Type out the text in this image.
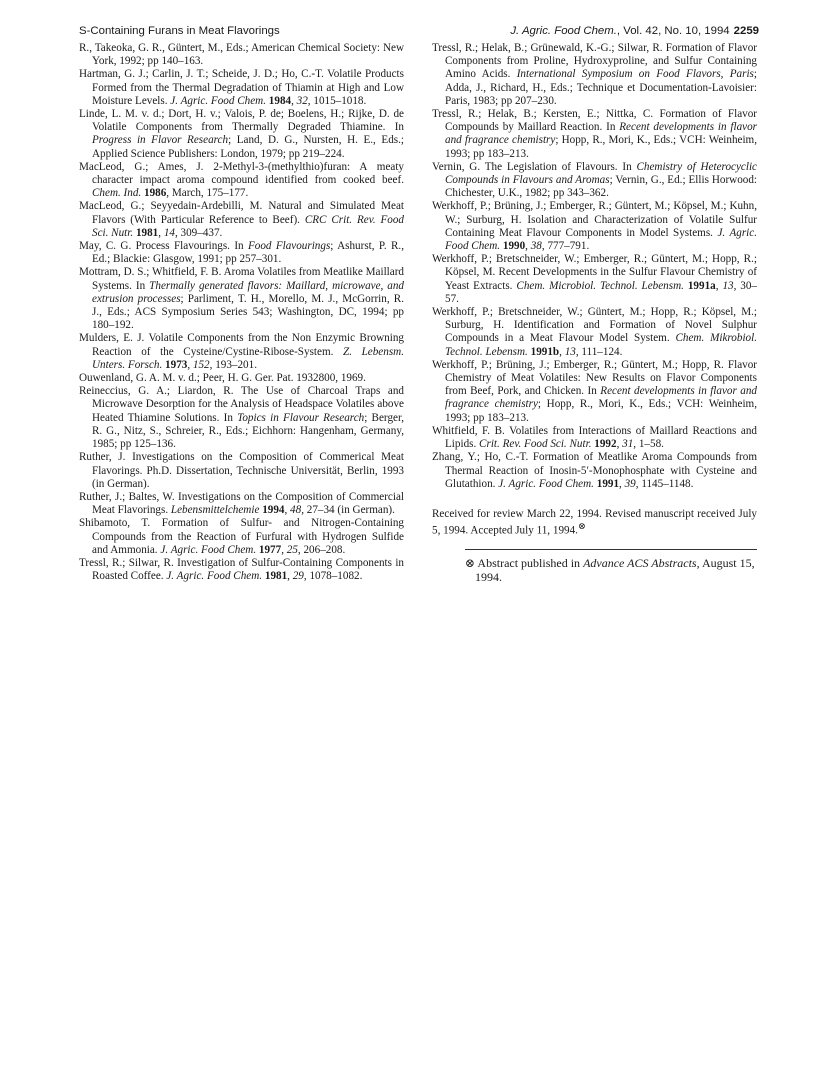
S-Containing Furans in Meat Flavorings	J. Agric. Food Chem., Vol. 42, No. 10, 1994 2259

R., Takeoka, G. R., Güntert, M., Eds.; American Chemical Society: New York, 1992; pp 140–163.

Hartman, G. J.; Carlin, J. T.; Scheide, J. D.; Ho, C.-T. Volatile Products Formed from the Thermal Degradation of Thiamin at High and Low Moisture Levels. J. Agric. Food Chem. 1984, 32, 1015–1018.

Linde, L. M. v. d.; Dort, H. v.; Valois, P. de; Boelens, H.; Rijke, D. de Volatile Components from Thermally Degraded Thiamine. In Progress in Flavor Research; Land, D. G., Nursten, H. E., Eds.; Applied Science Publishers: London, 1979; pp 219–224.

MacLeod, G.; Ames, J. 2-Methyl-3-(methylthio)furan: A meaty character impact aroma compound identified from cooked beef. Chem. Ind. 1986, March, 175–177.

MacLeod, G.; Seyyedain-Ardebilli, M. Natural and Simulated Meat Flavors (With Particular Reference to Beef). CRC Crit. Rev. Food Sci. Nutr. 1981, 14, 309–437.

May, C. G. Process Flavourings. In Food Flavourings; Ashurst, P. R., Ed.; Blackie: Glasgow, 1991; pp 257–301.

Mottram, D. S.; Whitfield, F. B. Aroma Volatiles from Meatlike Maillard Systems. In Thermally generated flavors: Maillard, microwave, and extrusion processes; Parliment, T. H., Morello, M. J., McGorrin, R. J., Eds.; ACS Symposium Series 543; Washington, DC, 1994; pp 180–192.

Mulders, E. J. Volatile Components from the Non Enzymic Browning Reaction of the Cysteine/Cystine-Ribose-System. Z. Lebensm. Unters. Forsch. 1973, 152, 193–201.

Ouwenland, G. A. M. v. d.; Peer, H. G. Ger. Pat. 1932800, 1969.

Reineccius, G. A.; Liardon, R. The Use of Charcoal Traps and Microwave Desorption for the Analysis of Headspace Volatiles above Heated Thiamine Solutions. In Topics in Flavour Research; Berger, R. G., Nitz, S., Schreier, R., Eds.; Eichhorn: Hangenham, Germany, 1985; pp 125–136.

Ruther, J. Investigations on the Composition of Commerical Meat Flavorings. Ph.D. Dissertation, Technische Universität, Berlin, 1993 (in German).

Ruther, J.; Baltes, W. Investigations on the Composition of Commercial Meat Flavorings. Lebensmittelchemie 1994, 48, 27–34 (in German).

Shibamoto, T. Formation of Sulfur- and Nitrogen-Containing Compounds from the Reaction of Furfural with Hydrogen Sulfide and Ammonia. J. Agric. Food Chem. 1977, 25, 206–208.

Tressl, R.; Silwar, R. Investigation of Sulfur-Containing Components in Roasted Coffee. J. Agric. Food Chem. 1981, 29, 1078–1082.

Tressl, R.; Helak, B.; Grünewald, K.-G.; Silwar, R. Formation of Flavor Components from Proline, Hydroxyproline, and Sulfur Containing Amino Acids. International Symposium on Food Flavors, Paris; Adda, J., Richard, H., Eds.; Technique et Documentation-Lavoisier: Paris, 1983; pp 207–230.

Tressl, R.; Helak, B.; Kersten, E.; Nittka, C. Formation of Flavor Compounds by Maillard Reaction. In Recent developments in flavor and fragrance chemistry; Hopp, R., Mori, K., Eds.; VCH: Weinheim, 1993; pp 183–213.

Vernin, G. The Legislation of Flavours. In Chemistry of Heterocyclic Compounds in Flavours and Aromas; Vernin, G., Ed.; Ellis Horwood: Chichester, U.K., 1982; pp 343–362.

Werkhoff, P.; Brüning, J.; Emberger, R.; Güntert, M.; Köpsel, M.; Kuhn, W.; Surburg, H. Isolation and Characterization of Volatile Sulfur Containing Meat Flavour Components in Model Systems. J. Agric. Food Chem. 1990, 38, 777–791.

Werkhoff, P.; Bretschneider, W.; Emberger, R.; Güntert, M.; Hopp, R.; Köpsel, M. Recent Developments in the Sulfur Flavour Chemistry of Yeast Extracts. Chem. Microbiol. Technol. Lebensm. 1991a, 13, 30–57.

Werkhoff, P.; Bretschneider, W.; Güntert, M.; Hopp, R.; Köpsel, M.; Surburg, H. Identification and Formation of Novel Sulphur Compounds in a Meat Flavour Model System. Chem. Mikrobiol. Technol. Lebensm. 1991b, 13, 111–124.

Werkhoff, P.; Brüning, J.; Emberger, R.; Güntert, M.; Hopp, R. Flavor Chemistry of Meat Volatiles: New Results on Flavor Components from Beef, Pork, and Chicken. In Recent developments in flavor and fragrance chemistry; Hopp, R., Mori, K., Eds.; VCH: Weinheim, 1993; pp 183–213.

Whitfield, F. B. Volatiles from Interactions of Maillard Reactions and Lipids. Crit. Rev. Food Sci. Nutr. 1992, 31, 1–58.

Zhang, Y.; Ho, C.-T. Formation of Meatlike Aroma Compounds from Thermal Reaction of Inosin-5′-Monophosphate with Cysteine and Glutathion. J. Agric. Food Chem. 1991, 39, 1145–1148.

Received for review March 22, 1994. Revised manuscript received July 5, 1994. Accepted July 11, 1994.⊗

⊗ Abstract published in Advance ACS Abstracts, August 15, 1994.
